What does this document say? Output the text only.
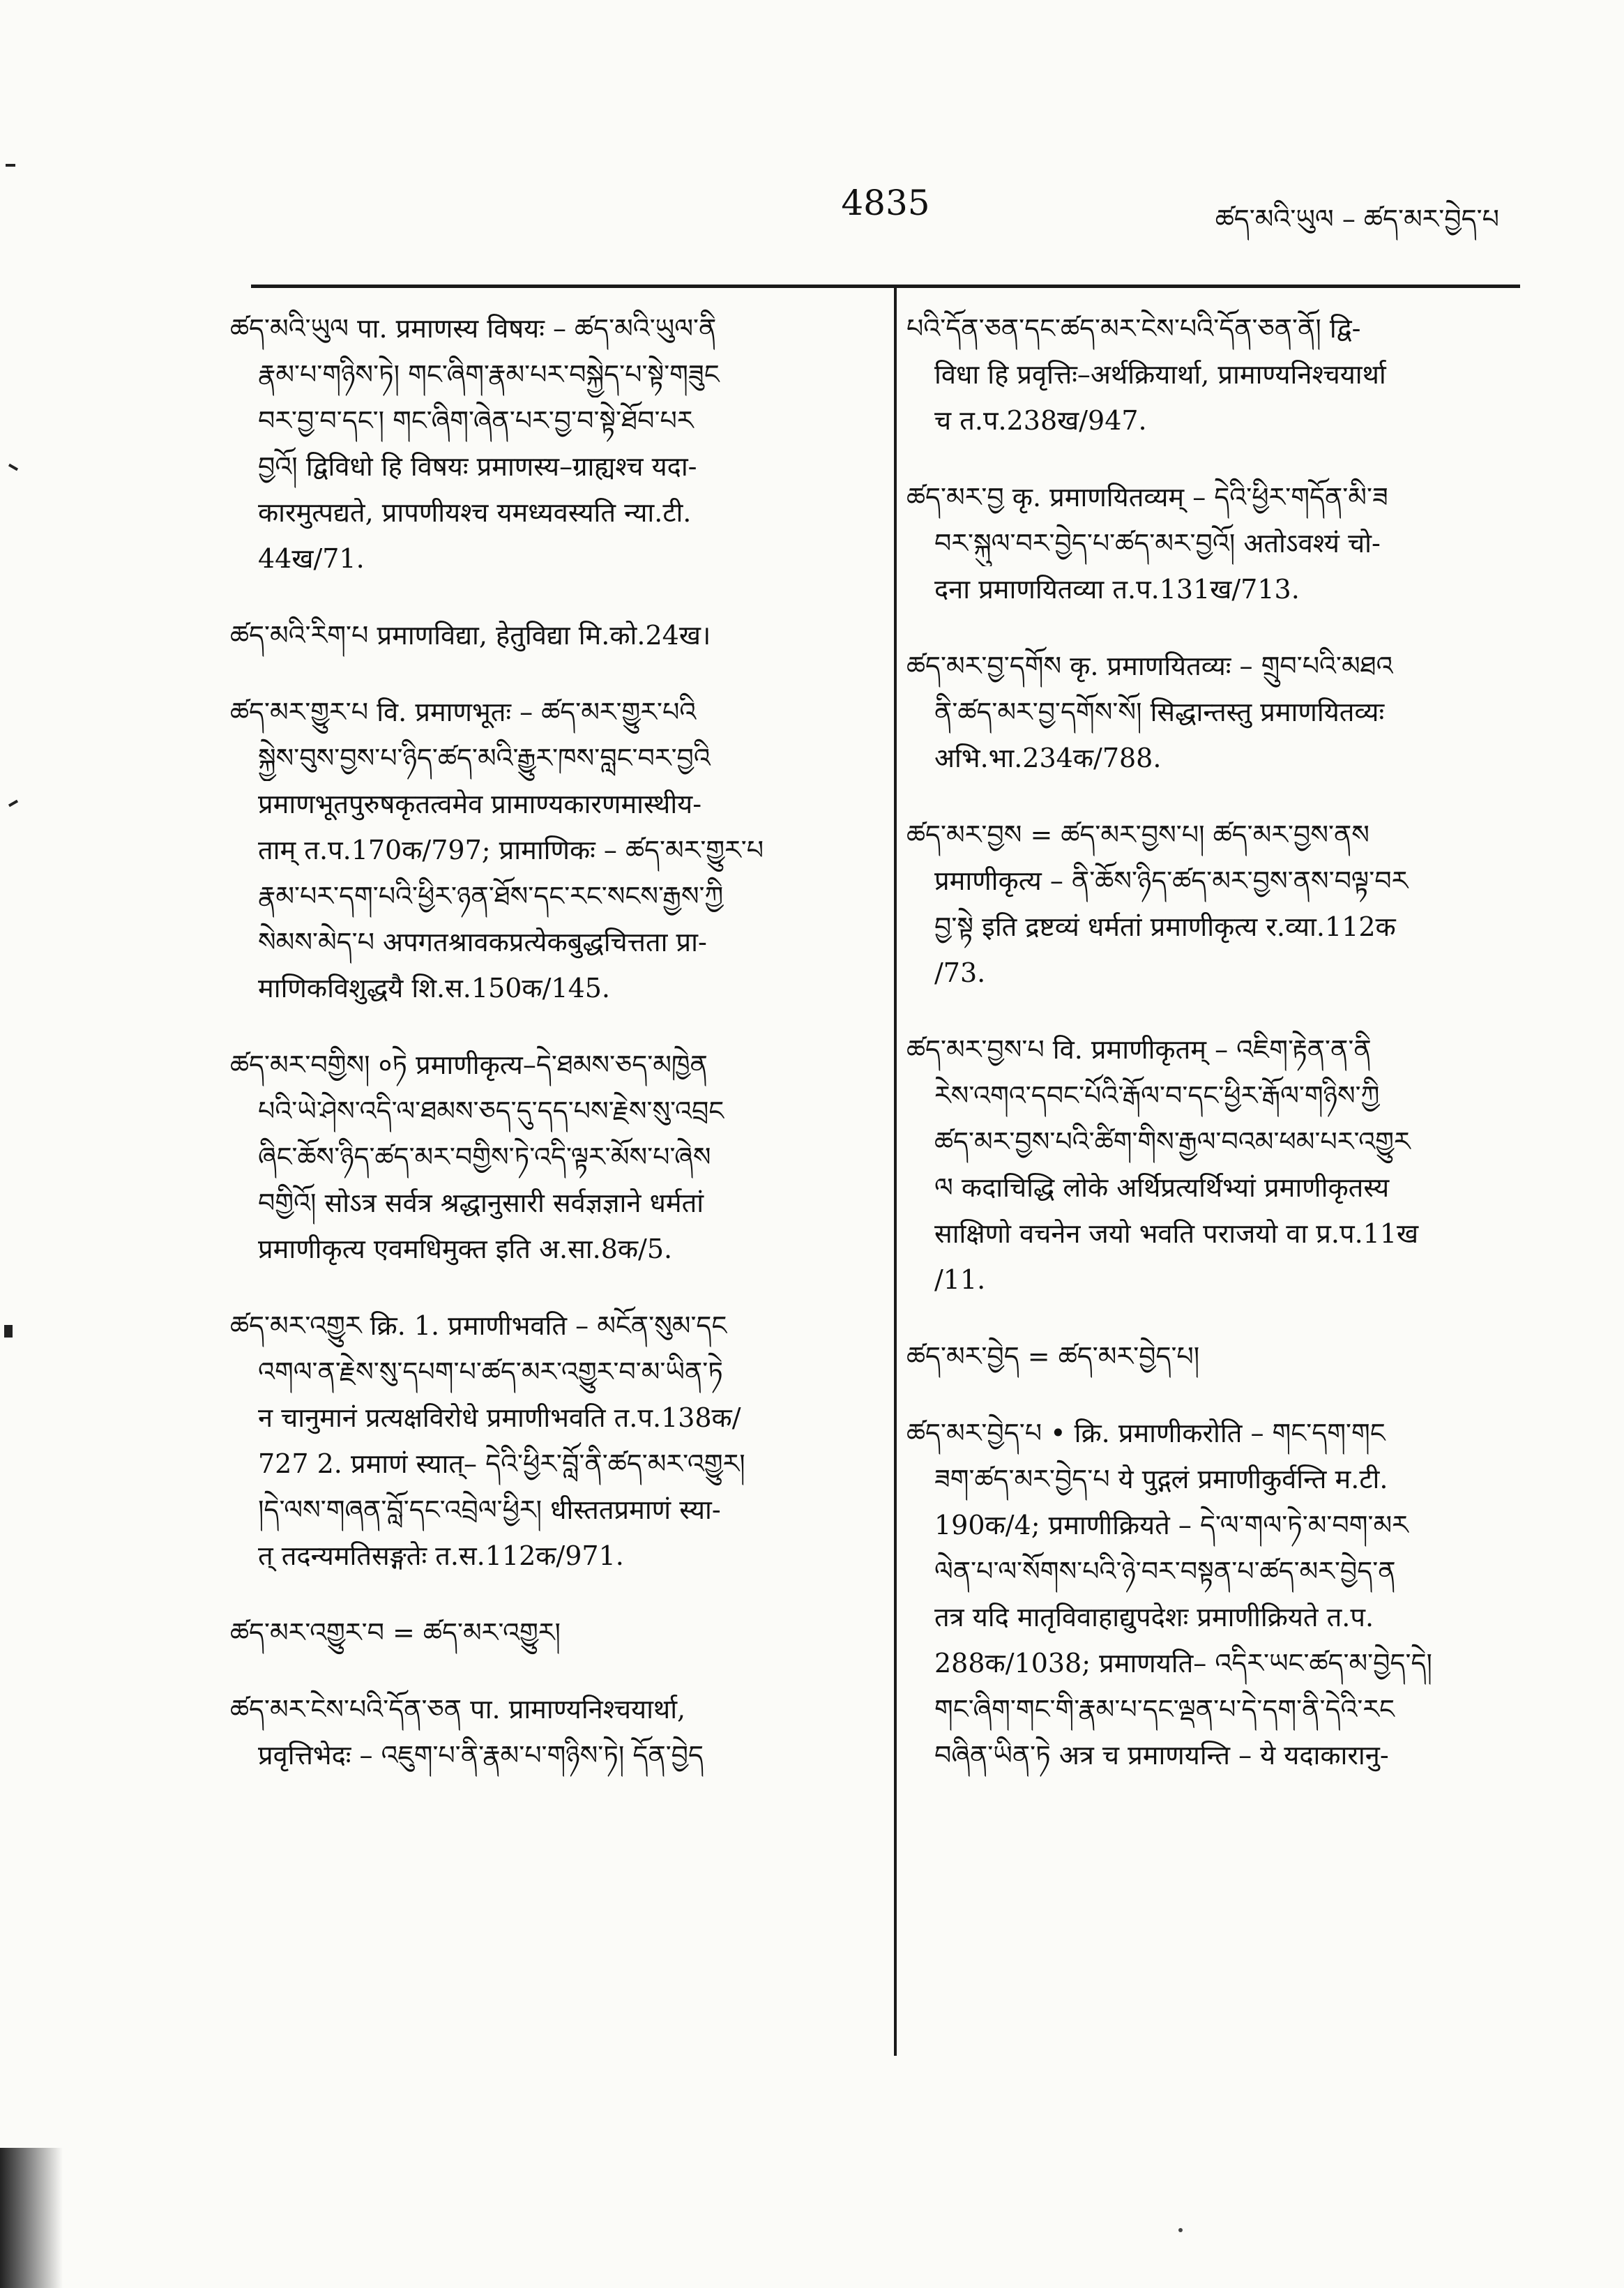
4835	ཚད་མའི་ཡུལ – ཚད་མར་བྱེད་པ
ཚད་མའི་ཡུལ पा. प्रमाणस्य विषयः – ཚད་མའི་ཡུལ་ནི
རྣམ་པ་གཉིས་ཏེ། གང་ཞིག་རྣམ་པར་བསྐྱེད་པ་སྟེ་གཟུང
བར་བྱ་བ་དང་། གང་ཞིག་ཞེན་པར་བྱ་བ་སྟེ་ཐོབ་པར
བྱའོ། द्विविधो हि विषयः प्रमाणस्य–ग्राह्यश्च यदा-
कारमुत्पद्यते, प्रापणीयश्च यमध्यवस्यति न्या.टी.
44ख/71.
ཚད་མའི་རིག་པ प्रमाणविद्या, हेतुविद्या मि.को.24ख।
ཚད་མར་གྱུར་པ वि. प्रमाणभूतः – ཚད་མར་གྱུར་པའི
སྐྱེས་བུས་བྱས་པ་ཉིད་ཚད་མའི་རྒྱུར་ཁས་བླང་བར་བྱའི
प्रमाणभूतपुरुषकृतत्वमेव प्रामाण्यकारणमास्थीय-
ताम् त.प.170क/797; प्रामाणिकः – ཚད་མར་གྱུར་པ
རྣམ་པར་དག་པའི་ཕྱིར་ཉན་ཐོས་དང་རང་སངས་རྒྱས་ཀྱི
སེམས་མེད་པ अपगतश्रावकप्रत्येकबुद्धचित्तता प्रा-
माणिकविशुद्धयै शि.स.150क/145.
ཚད་མར་བགྱིས། ०ཏེ प्रमाणीकृत्य–དེ་ཐམས་ཅད་མཁྱེན
པའི་ཡེ་ཤེས་འདི་ལ་ཐམས་ཅད་དུ་དད་པས་རྗེས་སུ་འབྲང
ཞིང་ཆོས་ཉིད་ཚད་མར་བགྱིས་ཏེ་འདི་ལྟར་མོས་པ་ཞེས
བགྱིའོ། सोऽत्र सर्वत्र श्रद्धानुसारी सर्वज्ञज्ञाने धर्मतां
प्रमाणीकृत्य एवमधिमुक्त इति अ.सा.8क/5.
ཚད་མར་འགྱུར क्रि. 1. प्रमाणीभवति – མངོན་སུམ་དང
འགལ་ན་རྗེས་སུ་དཔག་པ་ཚད་མར་འགྱུར་བ་མ་ཡིན་ཏེ
न चानुमानं प्रत्यक्षविरोधे प्रमाणीभवति त.प.138क/
727 2. प्रमाणं स्यात्– དེའི་ཕྱིར་བློ་ནི་ཚད་མར་འགྱུར།
།དེ་ལས་གཞན་བློ་དང་འབྲེལ་ཕྱིར། धीस्ततप्रमाणं स्या-
त् तदन्यमतिसङ्गतेः त.स.112क/971.
ཚད་མར་འགྱུར་བ = ཚད་མར་འགྱུར།
ཚད་མར་ངེས་པའི་དོན་ཅན पा. प्रामाण्यनिश्चयार्था,
प्रवृत्तिभेदः – འཇུག་པ་ནི་རྣམ་པ་གཉིས་ཏེ། དོན་བྱེད
པའི་དོན་ཅན་དང་ཚད་མར་ངེས་པའི་དོན་ཅན་ནོ། द्वि-
विधा हि प्रवृत्तिः–अर्थक्रियार्था, प्रामाण्यनिश्चयार्था
च त.प.238ख/947.
ཚད་མར་བྱ कृ. प्रमाणयितव्यम् – དེའི་ཕྱིར་གདོན་མི་ཟ
བར་སྐུལ་བར་བྱེད་པ་ཚད་མར་བྱའོ། अतोऽवश्यं चो-
दना प्रमाणयितव्या त.प.131ख/713.
ཚད་མར་བྱ་དགོས कृ. प्रमाणयितव्यः – གྲུབ་པའི་མཐའ
ནི་ཚད་མར་བྱ་དགོས་སོ། सिद्धान्तस्तु प्रमाणयितव्यः
अभि.भा.234क/788.
ཚད་མར་བྱས = ཚད་མར་བྱས་པ། ཚད་མར་བྱས་ནས
प्रमाणीकृत्य – ནི་ཆོས་ཉིད་ཚད་མར་བྱས་ནས་བལྟ་བར
བྱ་སྟེ इति द्रष्टव्यं धर्मतां प्रमाणीकृत्य र.व्या.112क
/73.
ཚད་མར་བྱས་པ वि. प्रमाणीकृतम् – འཇིག་རྟེན་ན་ནི
རེས་འགའ་དབང་པོའི་རྒོལ་བ་དང་ཕྱིར་རྒོལ་གཉིས་ཀྱི
ཚད་མར་བྱས་པའི་ཚིག་གིས་རྒྱལ་བའམ་ཕམ་པར་འགྱུར
ལ कदाचिद्धि लोके अर्थिप्रत्यर्थिभ्यां प्रमाणीकृतस्य
साक्षिणो वचनेन जयो भवति पराजयो वा प्र.प.11ख
/11.
ཚད་མར་བྱེད = ཚད་མར་བྱེད་པ།
ཚད་མར་བྱེད་པ • क्रि. प्रमाणीकरोति – གང་དག་གང
ཟག་ཚད་མར་བྱེད་པ ये पुद्गलं प्रमाणीकुर्वन्ति म.टी.
190क/4; प्रमाणीक्रियते – དེ་ལ་གལ་ཏེ་མ་བག་མར
ལེན་པ་ལ་སོགས་པའི་ཉེ་བར་བསྟན་པ་ཚད་མར་བྱེད་ན
तत्र यदि मातृविवाहाद्युपदेशः प्रमाणीक्रियते त.प.
288क/1038; प्रमाणयति– འདིར་ཡང་ཚད་མ་བྱེད་དེ།
གང་ཞིག་གང་གི་རྣམ་པ་དང་ལྡན་པ་དེ་དག་ནི་དེའི་རང
བཞིན་ཡིན་ཏེ अत्र च प्रमाणयन्ति – ये यदाकारानु-
